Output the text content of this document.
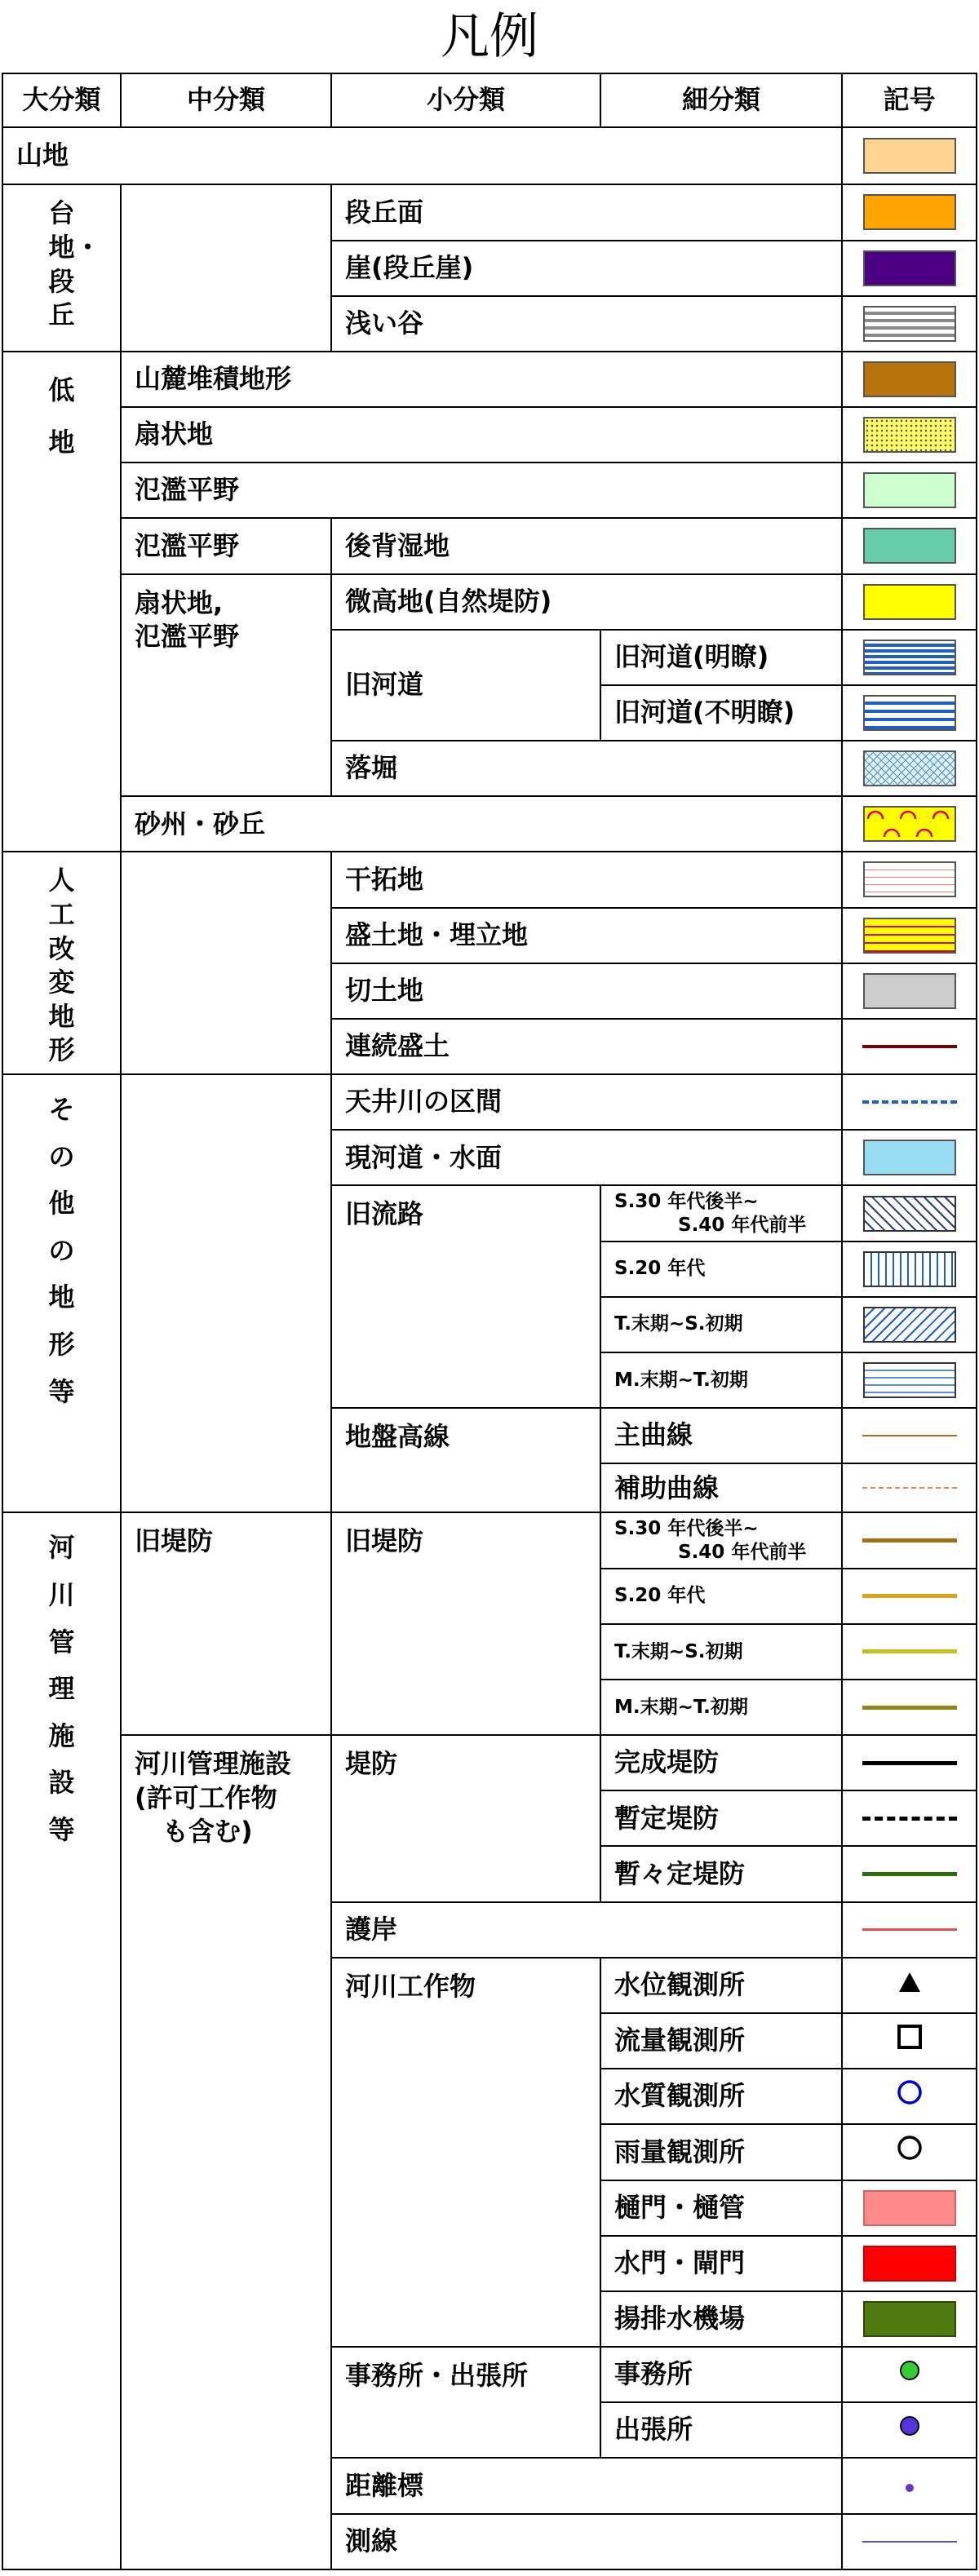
凡例
大分類	中分類	小分類	細分類	記号
山地				

台地・段丘		段丘面		

		崖(段丘崖)		

		浅い谷		

低地	山麓堆積地形			

	扇状地			

	氾濫平野			

	氾濫平野	後背湿地		

	扇状地,
氾濫平野	微高地(自然堤防)		

		旧河道	旧河道(明瞭)	

			旧河道(不明瞭)	

		落堀		

	砂州・砂丘	

人工改変地形		干拓地		

		盛土地・埋立地		

		切土地		

		連続盛土		

その他の地形等		天井川の区間		

		現河道・水面		

		旧流路	S.30 年代後半~
S.40 年代前半	

			S.20 年代	

			T.末期~S.初期	

			M.末期~T.初期	

		地盤高線	主曲線	

			補助曲線	

河川管理施設等	旧堤防	旧堤防	S.30 年代後半~
S.40 年代前半	

			S.20 年代	

			T.末期~S.初期	

			M.末期~T.初期	

	河川管理施設
(許可工作物
も含む)	堤防	完成堤防	

			暫定堤防	

			暫々定堤防	

		護岸		

		河川工作物	水位観測所	
			流量観測所	
			水質観測所	
			雨量観測所	
			樋門・樋管	

			水門・閘門	

			揚排水機場	

		事務所・出張所	事務所	
			出張所	
		距離標	
		測線		
